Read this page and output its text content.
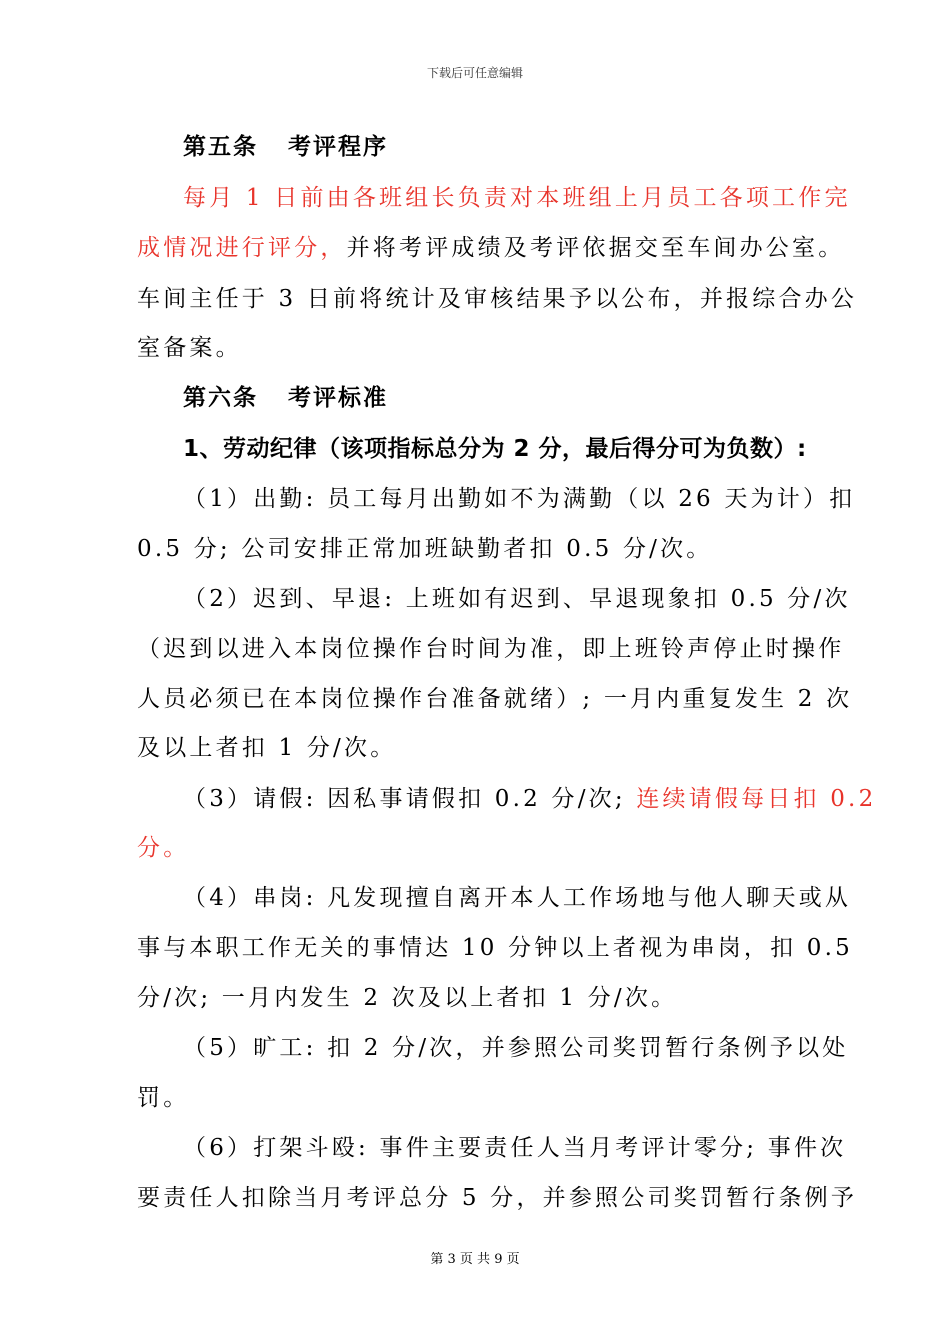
下载后可任意编辑
第五条 考评程序
每月 1 日前由各班组长负责对本班组上月员工各项工作完
成情况进行评分，并将考评成绩及考评依据交至车间办公室。
车间主任于 3 日前将统计及审核结果予以公布，并报综合办公
室备案。
第六条 考评标准
1、劳动纪律（该项指标总分为 2 分，最后得分可为负数）:
（1）出勤: 员工每月出勤如不为满勤（以 26 天为计）扣
0.5 分; 公司安排正常加班缺勤者扣 0.5 分/次。
（2）迟到、早退: 上班如有迟到、早退现象扣 0.5 分/次
（迟到以进入本岗位操作台时间为准，即上班铃声停止时操作
人员必须已在本岗位操作台准备就绪）; 一月内重复发生 2 次
及以上者扣 1 分/次。
（3）请假: 因私事请假扣 0.2 分/次; 连续请假每日扣 0.2
分。
（4）串岗: 凡发现擅自离开本人工作场地与他人聊天或从
事与本职工作无关的事情达 10 分钟以上者视为串岗，扣 0.5
分/次; 一月内发生 2 次及以上者扣 1 分/次。
（5）旷工: 扣 2 分/次，并参照公司奖罚暂行条例予以处
罚。
（6）打架斗殴: 事件主要责任人当月考评计零分; 事件次
要责任人扣除当月考评总分 5 分，并参照公司奖罚暂行条例予
第 3 页 共 9 页
